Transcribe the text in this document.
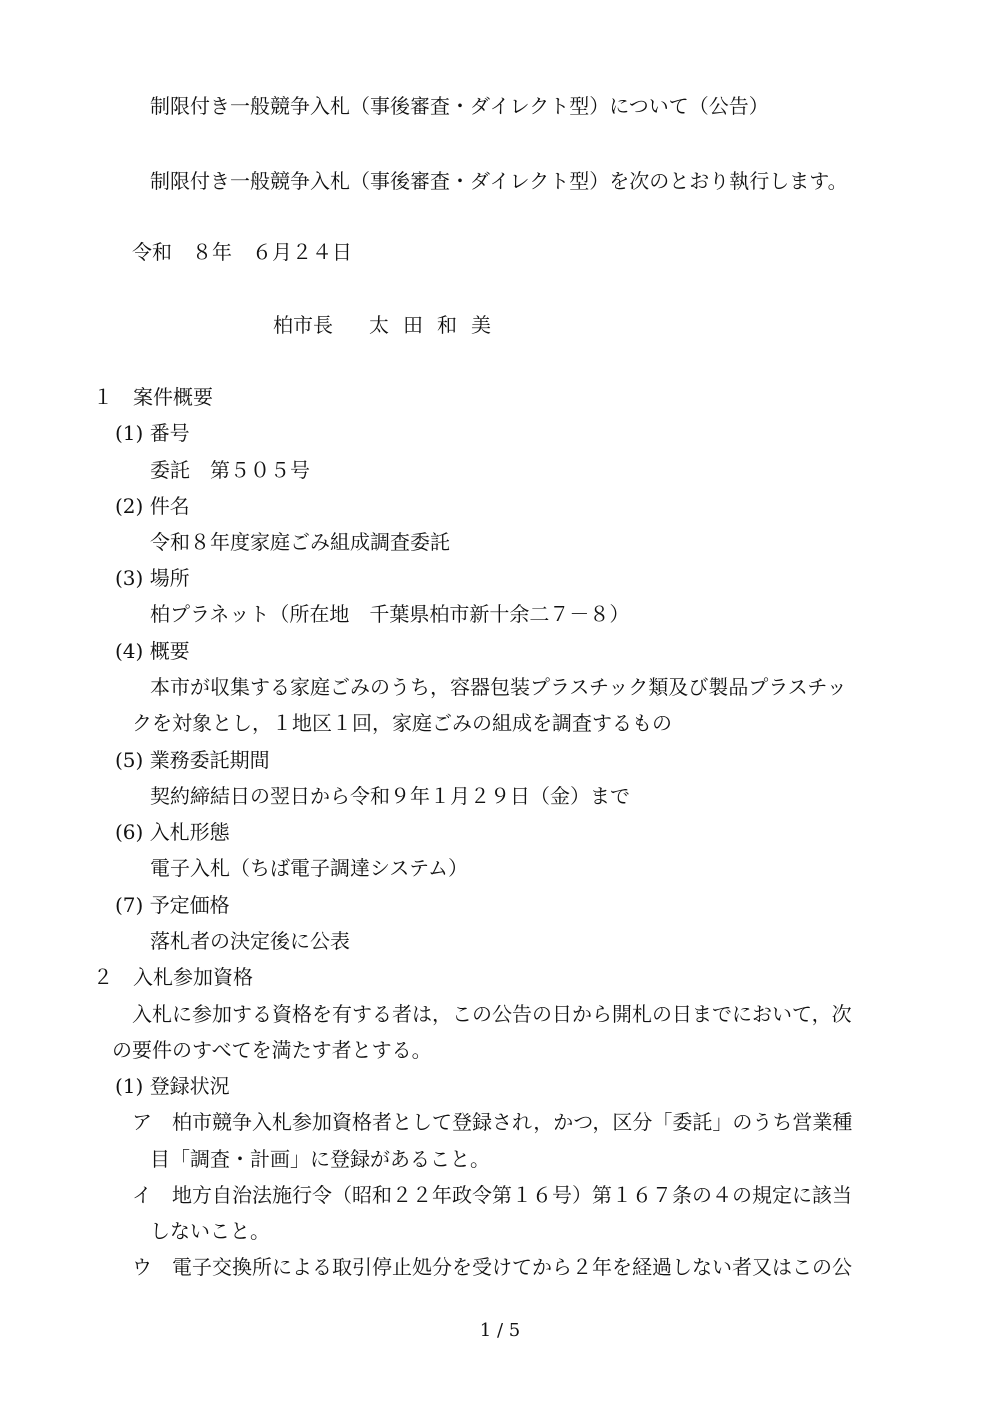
制限付き一般競争入札（事後審査・ダイレクト型）について（公告）
制限付き一般競争入札（事後審査・ダイレクト型）を次のとおり執行します。
令和　８年　６月２４日
柏市長 太田和美
１　案件概要
(1) 番号
委託　第５０５号
(2) 件名
令和８年度家庭ごみ組成調査委託
(3) 場所
柏プラネット（所在地　千葉県柏市新十余二７－８）
(4) 概要
本市が収集する家庭ごみのうち，容器包装プラスチック類及び製品プラスチッ
クを対象とし，１地区１回，家庭ごみの組成を調査するもの
(5) 業務委託期間
契約締結日の翌日から令和９年１月２９日（金）まで
(6) 入札形態
電子入札（ちば電子調達システム）
(7) 予定価格
落札者の決定後に公表
２　入札参加資格
入札に参加する資格を有する者は，この公告の日から開札の日までにおいて，次
の要件のすべてを満たす者とする。
(1) 登録状況
ア　柏市競争入札参加資格者として登録され，かつ，区分「委託」のうち営業種
目「調査・計画」に登録があること。
イ　地方自治法施行令（昭和２２年政令第１６号）第１６７条の４の規定に該当
しないこと。
ウ　電子交換所による取引停止処分を受けてから２年を経過しない者又はこの公
1 / 5
